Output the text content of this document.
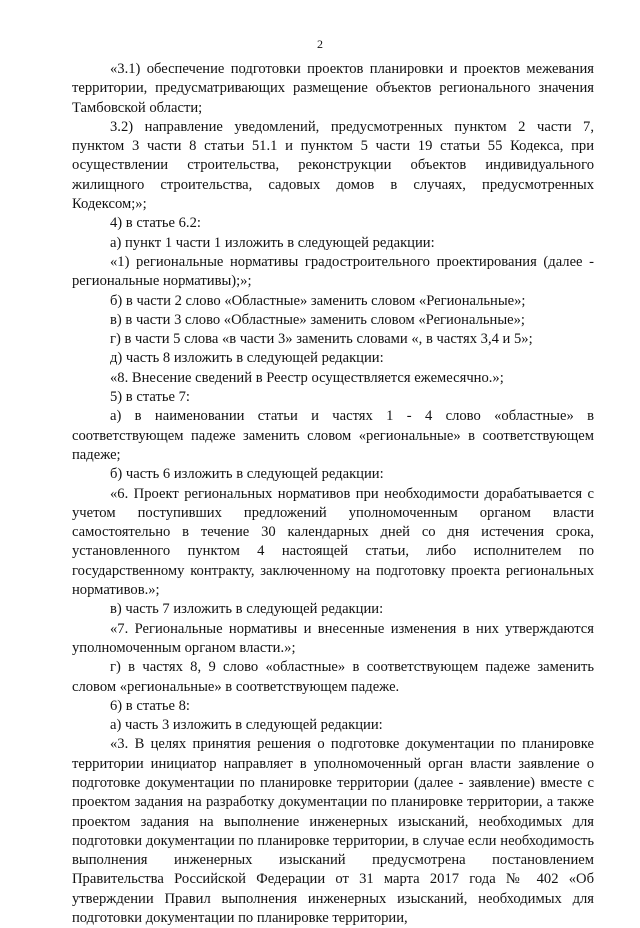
2

«3.1) обеспечение подготовки проектов планировки и проектов межевания территории, предусматривающих размещение объектов регионального значения Тамбовской области;

3.2) направление уведомлений, предусмотренных пунктом 2 части 7, пунктом 3 части 8 статьи 51.1 и пунктом 5 части 19 статьи 55 Кодекса, при осуществлении строительства, реконструкции объектов индивидуального жилищного строительства, садовых домов в случаях, предусмотренных Кодексом;»;

4) в статье 6.2:

а) пункт 1 части 1 изложить в следующей редакции:

«1) региональные нормативы градостроительного проектирования (далее - региональные нормативы);»;

б) в части 2 слово «Областные» заменить словом «Региональные»;

в) в части 3 слово «Областные» заменить словом «Региональные»;

г) в части 5 слова «в части 3» заменить словами «, в частях 3,4 и 5»;

д) часть 8 изложить в следующей редакции:

«8. Внесение сведений в Реестр осуществляется ежемесячно.»;

5) в статье 7:

а) в наименовании статьи и частях 1 - 4 слово «областные» в соответствующем падеже заменить словом «региональные» в соответствующем падеже;

б) часть 6 изложить в следующей редакции:

«6. Проект региональных нормативов при необходимости дорабатывается с учетом поступивших предложений уполномоченным органом власти самостоятельно в течение 30 календарных дней со дня истечения срока, установленного пунктом 4 настоящей статьи, либо исполнителем по государственному контракту, заключенному на подготовку проекта региональных нормативов.»;

в) часть 7 изложить в следующей редакции:

«7. Региональные нормативы и внесенные изменения в них утверждаются уполномоченным органом власти.»;

г) в частях 8, 9 слово «областные» в соответствующем падеже заменить словом «региональные» в соответствующем падеже.

6) в статье 8:

а) часть 3 изложить в следующей редакции:

«3. В целях принятия решения о подготовке документации по планировке территории инициатор направляет в уполномоченный орган власти заявление о подготовке документации по планировке территории (далее - заявление) вместе с проектом задания на разработку документации по планировке территории, а также проектом задания на выполнение инженерных изысканий, необходимых для подготовки документации по планировке территории, в случае если необходимость выполнения инженерных изысканий предусмотрена постановлением Правительства Российской Федерации от 31 марта 2017 года № 402 «Об утверждении Правил выполнения инженерных изысканий, необходимых для подготовки документации по планировке территории,
